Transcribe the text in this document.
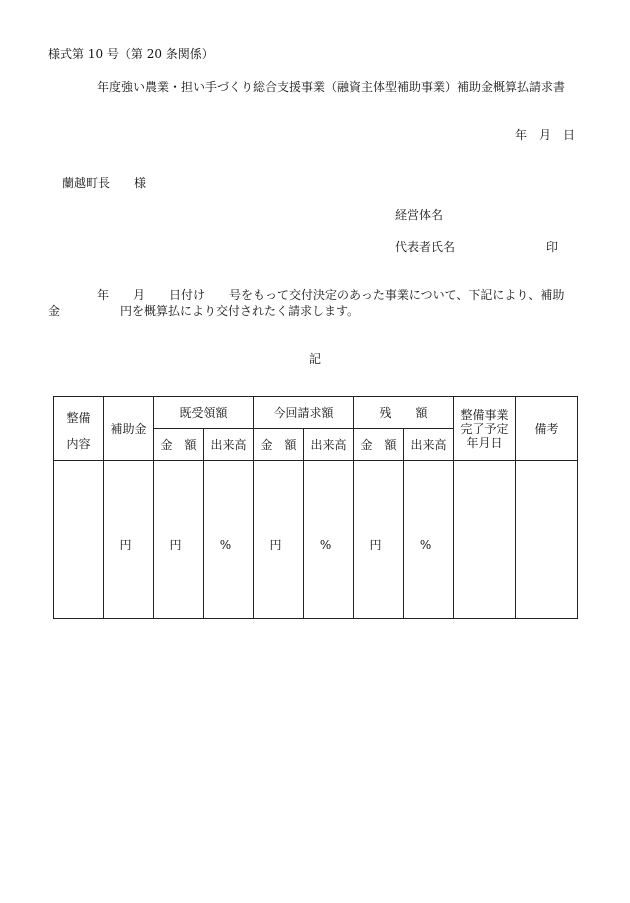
様式第 10 号（第 20 条関係）
年度強い農業・担い手づくり総合支援事業（融資主体型補助事業）補助金概算払請求書
年　月　日
蘭越町長　　様
経営体名
代表者氏名	印
年　　月　　日付け　　号をもって交付決定のあった事業について、下記により、補助
金　　　　　円を概算払により交付されたく請求します。
記
整備
内容	補助金	既受領額		今回請求額		残　　額		整備事業
完了予定
年月日	備考
		金　額	出来高	金　額	出来高	金　額	出来高		
	円	円	%	円	%	円	%		
